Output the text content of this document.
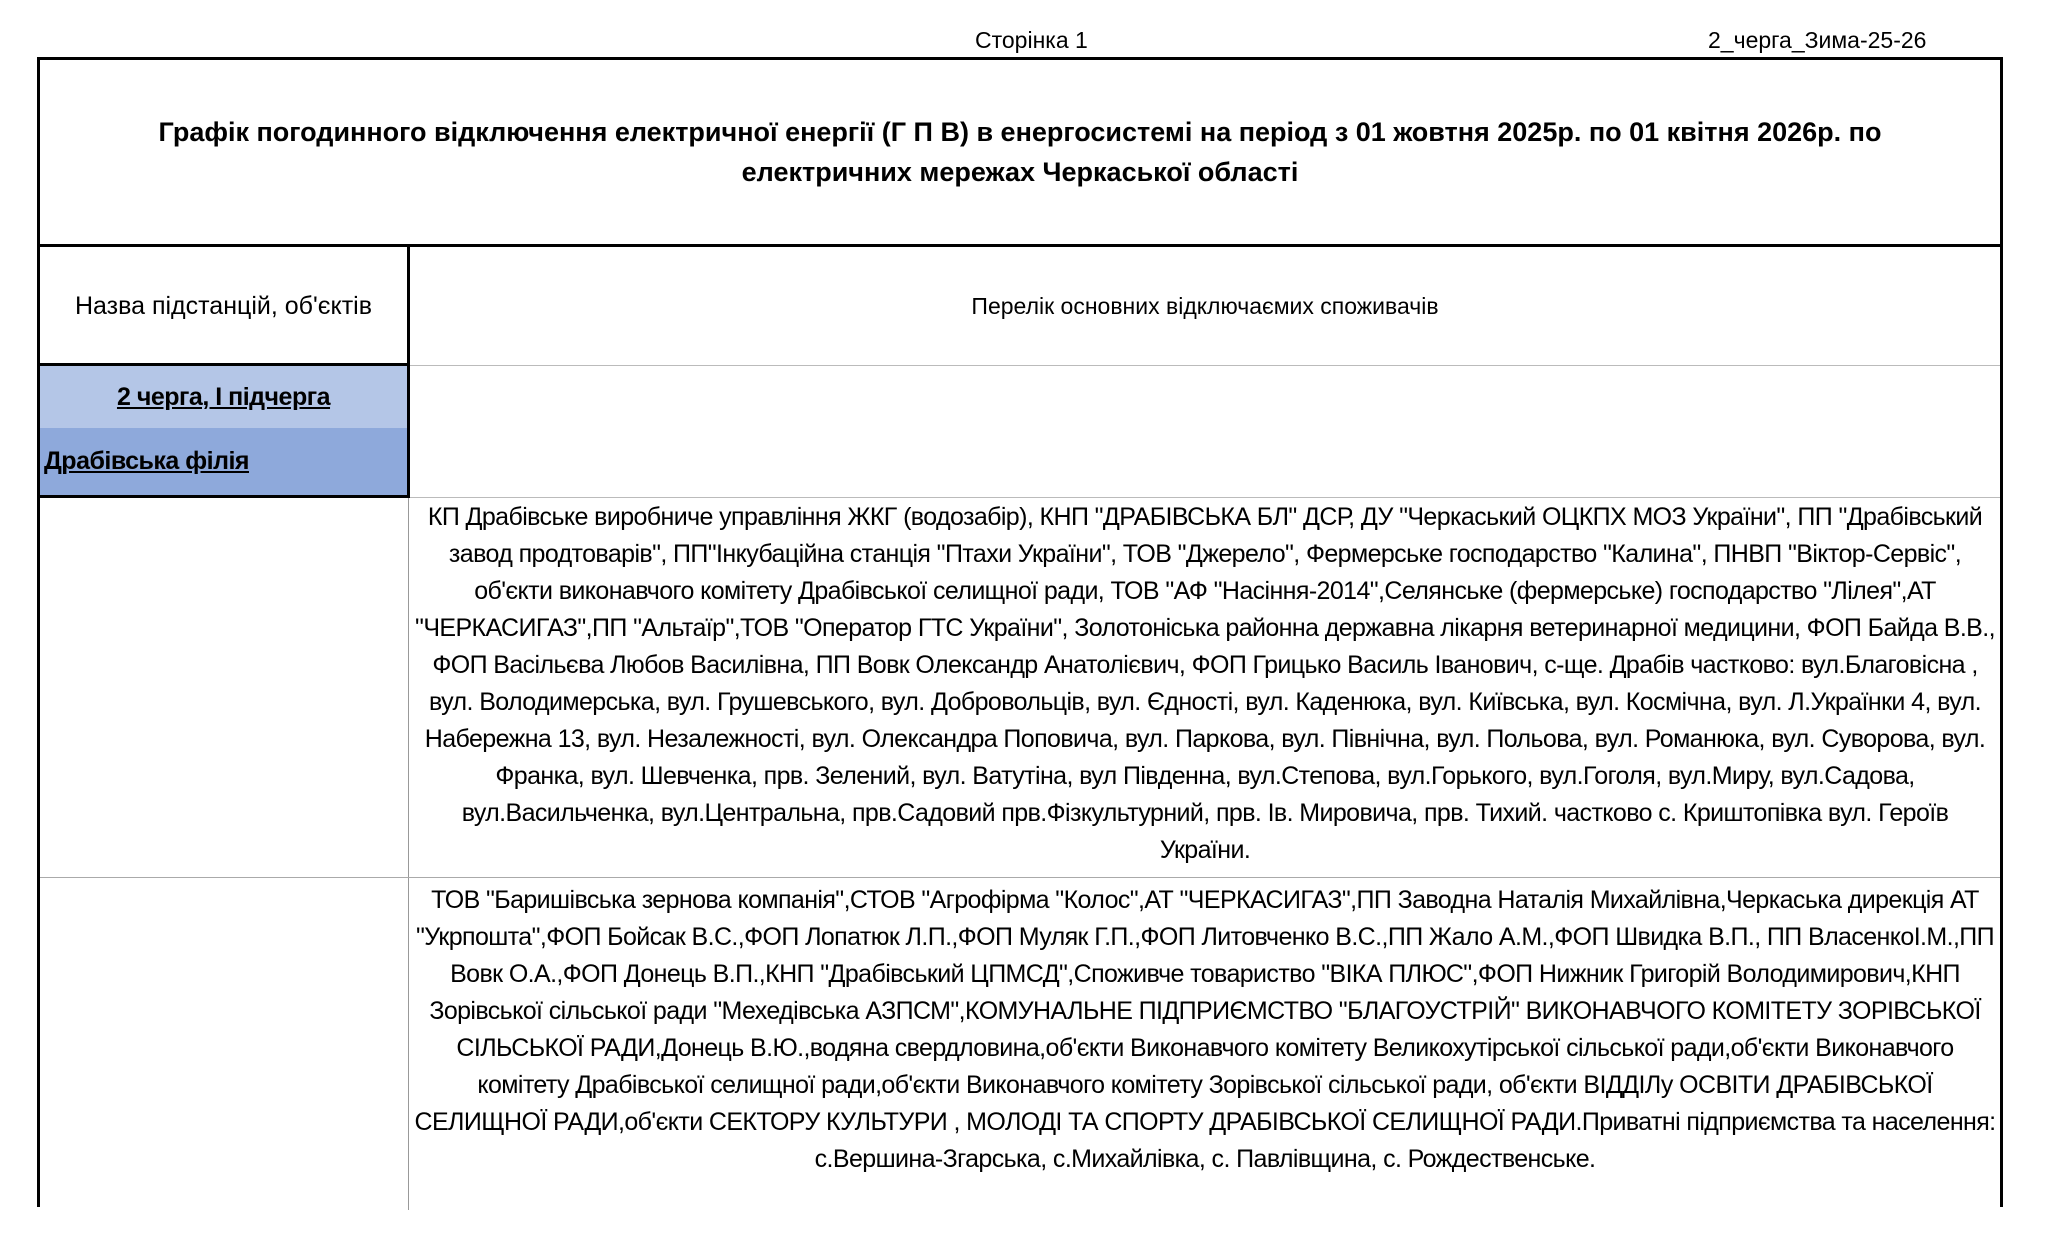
Сторінка 1	2_черга_Зима-25-26
Графік погодинного відключення електричної енергії (Г П В) в енергосистемі на період з 01 жовтня 2025р. по 01 квітня 2026р. по електричних мережах Черкаської області
Назва підстанцій, об'єктів	Перелік основних відключаємих споживачів
2 черга, І підчерга
Драбівська філія
КП Драбівське виробниче управління ЖКГ (водозабір), КНП "ДРАБІВСЬКА БЛ" ДСР, ДУ "Черкаський ОЦКПХ МОЗ України", ПП "Драбівський завод продтоварів", ПП"Інкубаційна станція "Птахи України", ТОВ "Джерело", Фермерське господарство "Калина", ПНВП "Віктор-Сервіс", об'єкти виконавчого комітету Драбівської селищної ради, ТОВ "АФ "Насіння-2014",Селянське (фермерське) господарство "Лілея",АТ "ЧЕРКАСИГАЗ",ПП "Альтаїр",ТОВ "Оператор ГТС України", Золотоніська районна державна лікарня ветеринарної медицини, ФОП Байда В.В., ФОП Васільєва Любов Василівна, ПП Вовк Олександр Анатолієвич, ФОП Грицько Василь Іванович, с-ще. Драбів частково: вул.Благовісна , вул. Володимерська, вул. Грушевського, вул. Добровольців, вул. Єдності, вул. Каденюка, вул. Київська, вул. Космічна, вул. Л.Українки 4, вул. Набережна 13, вул. Незалежності, вул. Олександра Поповича, вул. Паркова, вул. Північна, вул. Польова, вул. Романюка, вул. Суворова, вул. Франка, вул. Шевченка, прв. Зелений, вул. Ватутіна, вул Південна, вул.Степова, вул.Горького, вул.Гоголя, вул.Миру, вул.Садова, вул.Васильченка, вул.Центральна, прв.Садовий прв.Фізкультурний, прв. Ів. Мировича, прв. Тихий. частково с. Криштопівка вул. Героїв України.
ТОВ "Баришівська зернова компанія",СТОВ "Агрофірма "Колос",АТ "ЧЕРКАСИГАЗ",ПП Заводна Наталія Михайлівна,Черкаська дирекція АТ "Укрпошта",ФОП Бойсак В.С.,ФОП Лопатюк Л.П.,ФОП Муляк Г.П.,ФОП Литовченко В.С.,ПП Жало А.М.,ФОП Швидка В.П., ПП ВласенкоІ.М.,ПП Вовк О.А.,ФОП Донець В.П.,КНП "Драбівський ЦПМСД",Споживче товариство "ВІКА ПЛЮС",ФОП Нижник Григорій Володимирович,КНП Зорівської сільської ради "Мехедівська АЗПСМ",КОМУНАЛЬНЕ ПІДПРИЄМСТВО "БЛАГОУСТРІЙ" ВИКОНАВЧОГО КОМІТЕТУ ЗОРІВСЬКОЇ СІЛЬСЬКОЇ РАДИ,Донець В.Ю.,водяна свердловина,об'єкти Виконавчого комітету Великохутірської сільської ради,об'єкти Виконавчого комітету Драбівської селищної ради,об'єкти Виконавчого комітету Зорівської сільської ради, об'єкти ВІДДІЛу ОСВІТИ ДРАБІВСЬКОЇ СЕЛИЩНОЇ РАДИ,об'єкти СЕКТОРУ КУЛЬТУРИ , МОЛОДІ ТА СПОРТУ ДРАБІВСЬКОЇ СЕЛИЩНОЇ РАДИ.Приватні підприємства та населення: с.Вершина-Згарська, с.Михайлівка, с. Павлівщина, с. Рождественське.
